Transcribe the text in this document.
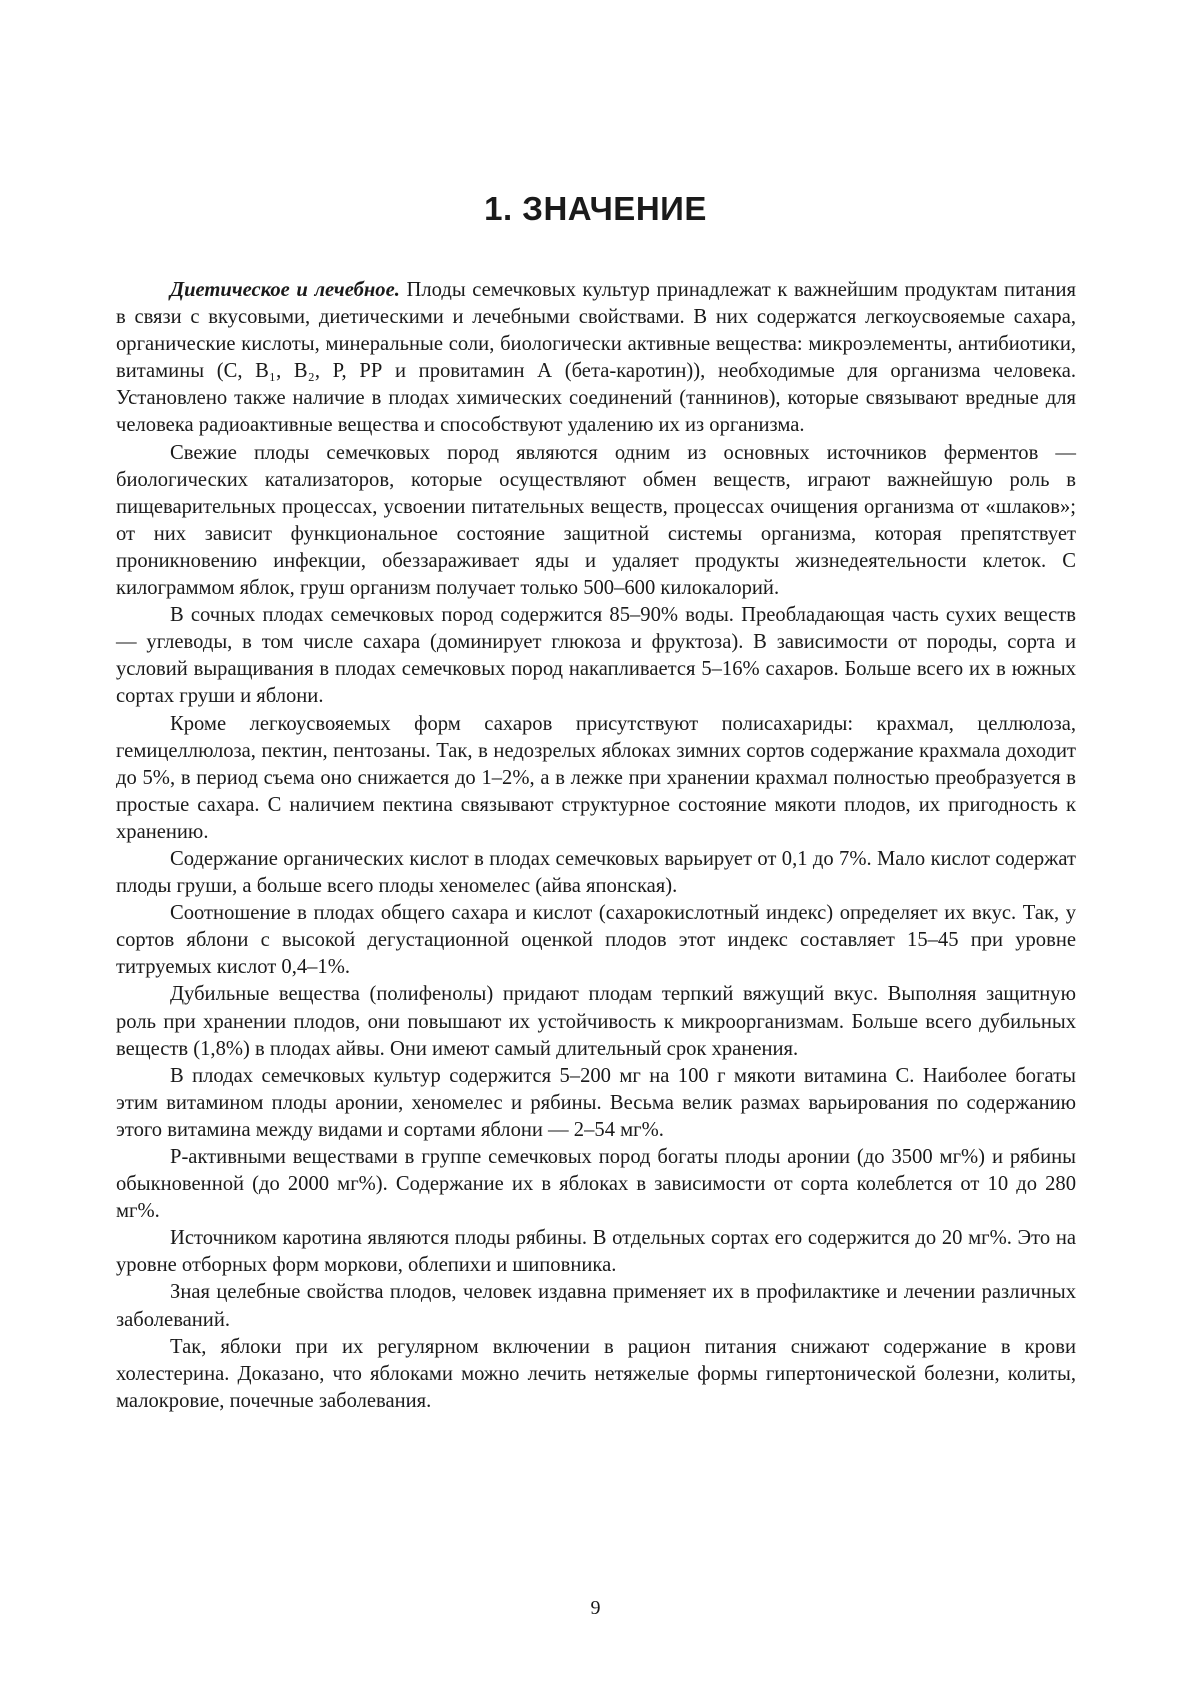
1. ЗНАЧЕНИЕ

Диетическое и лечебное. Плоды семечковых культур принадлежат к важнейшим продуктам питания в связи с вкусовыми, диетическими и лечебными свойствами. В них содержатся легкоусвояемые сахара, органические кислоты, минеральные соли, биологически активные вещества: микроэлементы, антибиотики, витамины (С, В₁, В₂, Р, РР и провитамин А (бета-каротин)), необходимые для организма человека. Установлено также наличие в плодах химических соединений (таннинов), которые связывают вредные для человека радиоактивные вещества и способствуют удалению их из организма.

Свежие плоды семечковых пород являются одним из основных источников ферментов — биологических катализаторов, которые осуществляют обмен веществ, играют важнейшую роль в пищеварительных процессах, усвоении питательных веществ, процессах очищения организма от «шлаков»; от них зависит функциональное состояние защитной системы организма, которая препятствует проникновению инфекции, обеззараживает яды и удаляет продукты жизнедеятельности клеток. С килограммом яблок, груш организм получает только 500–600 килокалорий.

В сочных плодах семечковых пород содержится 85–90% воды. Преобладающая часть сухих веществ — углеводы, в том числе сахара (доминирует глюкоза и фруктоза). В зависимости от породы, сорта и условий выращивания в плодах семечковых пород накапливается 5–16% сахаров. Больше всего их в южных сортах груши и яблони.

Кроме легкоусвояемых форм сахаров присутствуют полисахариды: крахмал, целлюлоза, гемицеллюлоза, пектин, пентозаны. Так, в недозрелых яблоках зимних сортов содержание крахмала доходит до 5%, в период съема оно снижается до 1–2%, а в лежке при хранении крахмал полностью преобразуется в простые сахара. С наличием пектина связывают структурное состояние мякоти плодов, их пригодность к хранению.

Содержание органических кислот в плодах семечковых варьирует от 0,1 до 7%. Мало кислот содержат плоды груши, а больше всего плоды хеномелес (айва японская).

Соотношение в плодах общего сахара и кислот (сахарокислотный индекс) определяет их вкус. Так, у сортов яблони с высокой дегустационной оценкой плодов этот индекс составляет 15–45 при уровне титруемых кислот 0,4–1%.

Дубильные вещества (полифенолы) придают плодам терпкий вяжущий вкус. Выполняя защитную роль при хранении плодов, они повышают их устойчивость к микроорганизмам. Больше всего дубильных веществ (1,8%) в плодах айвы. Они имеют самый длительный срок хранения.

В плодах семечковых культур содержится 5–200 мг на 100 г мякоти витамина С. Наиболее богаты этим витамином плоды аронии, хеномелес и рябины. Весьма велик размах варьирования по содержанию этого витамина между видами и сортами яблони — 2–54 мг%.

Р-активными веществами в группе семечковых пород богаты плоды аронии (до 3500 мг%) и рябины обыкновенной (до 2000 мг%). Содержание их в яблоках в зависимости от сорта колеблется от 10 до 280 мг%.

Источником каротина являются плоды рябины. В отдельных сортах его содержится до 20 мг%. Это на уровне отборных форм моркови, облепихи и шиповника.

Зная целебные свойства плодов, человек издавна применяет их в профилактике и лечении различных заболеваний.

Так, яблоки при их регулярном включении в рацион питания снижают содержание в крови холестерина. Доказано, что яблоками можно лечить нетяжелые формы гипертонической болезни, колиты, малокровие, почечные заболевания.

9
